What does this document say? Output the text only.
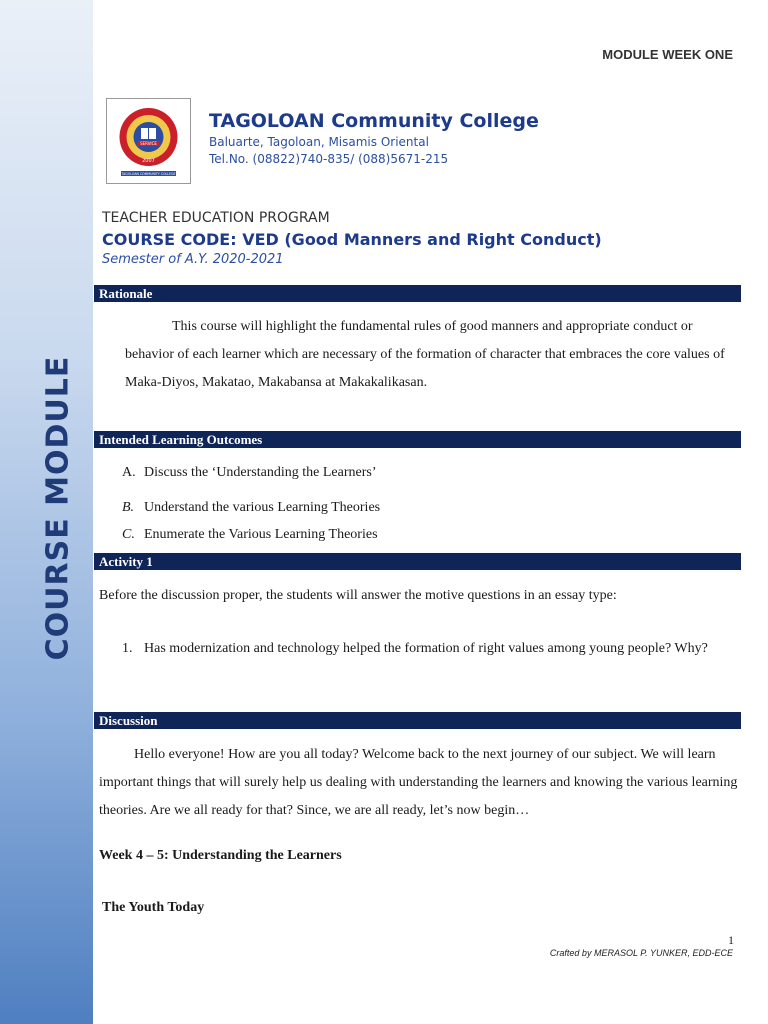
COURSE MODULE
MODULE WEEK ONE
SERVICE
2007
TAGOLOAN COMMUNITY COLLEGE
TAGOLOAN Community College
Baluarte, Tagoloan, Misamis Oriental
Tel.No. (08822)740-835/ (088)5671-215
TEACHER EDUCATION PROGRAM
COURSE CODE: VED (Good Manners and Right Conduct)
Semester of A.Y. 2020-2021
Rationale
This course will highlight the fundamental rules of good manners and appropriate conduct or behavior of each learner which are necessary of the formation of character that embraces the core values of Maka-Diyos, Makatao, Makabansa at Makakalikasan.
Intended Learning Outcomes
A. Discuss the ‘Understanding the Learners’
B. Understand the various Learning Theories
C. Enumerate the Various Learning Theories
Activity 1
Before the discussion proper, the students will answer the motive questions in an essay type:
1. Has modernization and technology helped the formation of right values among young people? Why?
Discussion
Hello everyone! How are you all today? Welcome back to the next journey of our subject. We will learn important things that will surely help us dealing with understanding the learners and knowing the various learning theories. Are we all ready for that? Since, we are all ready, let’s now begin…
Week 4 – 5: Understanding the Learners
The Youth Today
1
Crafted by MERASOL P. YUNKER, EDD-ECE
